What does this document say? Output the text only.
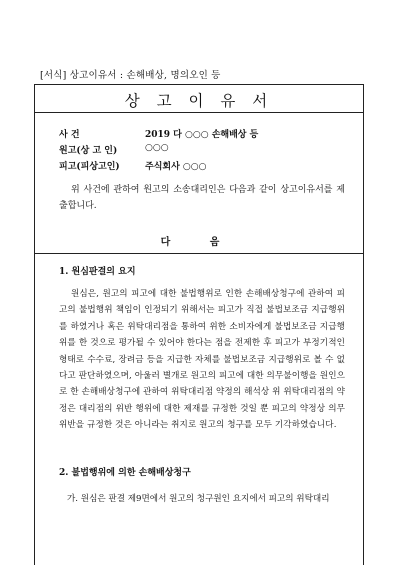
[서식] 상고이유서 : 손해배상, 명의오인 등
상 고 이 유 서
사 건	2019 다 ○○○ 손해배상 등
원고(상 고 인)	○○○
피고(피상고인)	주식회사 ○○○
위 사건에 관하여 원고의 소송대리인은 다음과 같이 상고이유서를 제출합니다.
다 음
1. 원심판결의 요지
원심은, 원고의 피고에 대한 불법행위로 인한 손해배상청구에 관하여 피고의 불법행위 책임이 인정되기 위해서는 피고가 직접 불법보조금 지급행위를 하였거나 혹은 위탁대리점을 통하여 위한 소비자에게 불법보조금 지급행위를 한 것으로 평가될 수 있어야 한다는 점을 전제한 후 피고가 부정기적인 형태로 수수료, 장려금 등을 지급한 자체를 불법보조금 지급행위로 볼 수 없다고 판단하였으며, 아울러 별개로 원고의 피고에 대한 의무불이행을 원인으로 한 손해배상청구에 관하여 위탁대리점 약정의 해석상 위 위탁대리점의 약정은 대리점의 위반 행위에 대한 제재를 규정한 것일 뿐 피고의 약정상 의무위반을 규정한 것은 아니라는 취지로 원고의 청구를 모두 기각하였습니다.
2. 불법행위에 의한 손해배상청구
가. 원심은 판결 제9면에서 원고의 청구원인 요지에서 피고의 위탁대리
